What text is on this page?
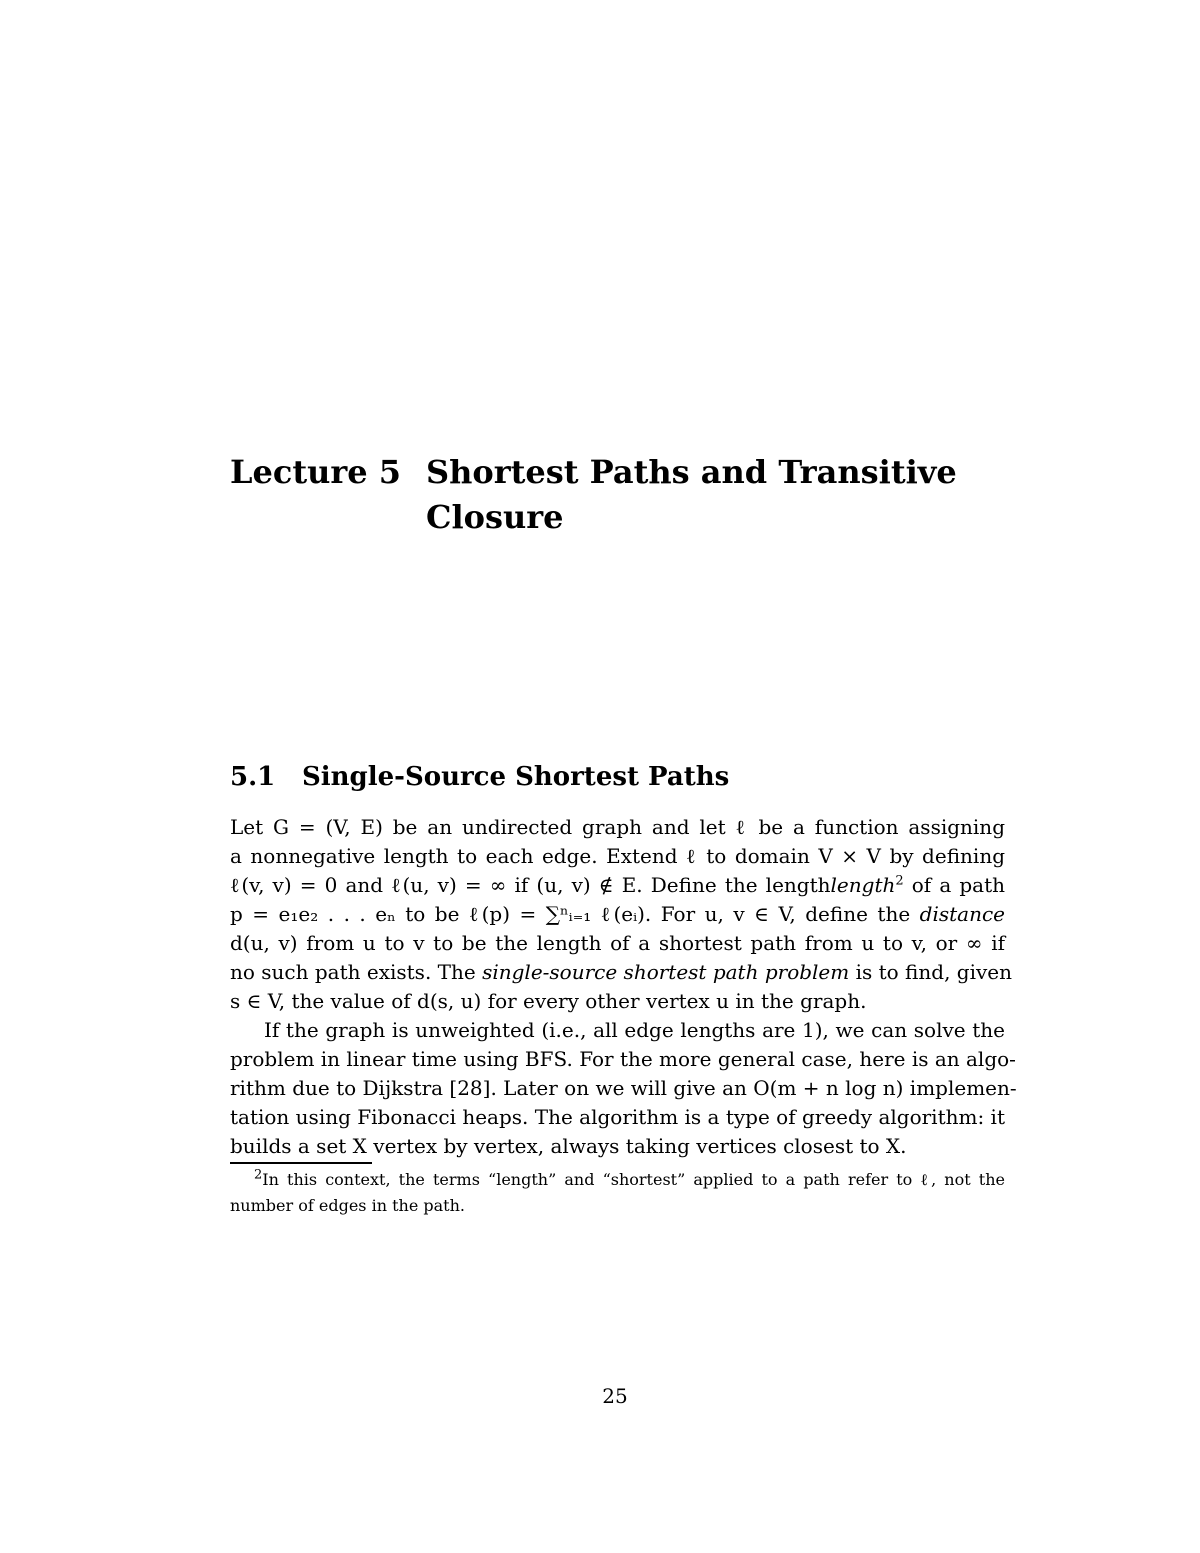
Lecture 5 Shortest Paths and Transitive Closure
5.1 Single-Source Shortest Paths
Let G = (V, E) be an undirected graph and let ℓ be a function assigning
a nonnegative length to each edge. Extend ℓ to domain V × V by defining
ℓ(v, v) = 0 and ℓ(u, v) = ∞ if (u, v) ∉ E. Define the lengthlength$^2$ of a path
p = e₁e₂ . . . eₙ to be ℓ(p) = ∑ⁿᵢ₌₁ ℓ(eᵢ). For u, v ∈ V, define the distance
d(u, v) from u to v to be the length of a shortest path from u to v, or ∞ if
no such path exists. The single-source shortest path problem is to find, given
s ∈ V, the value of d(s, u) for every other vertex u in the graph.
If the graph is unweighted (i.e., all edge lengths are 1), we can solve the
problem in linear time using BFS. For the more general case, here is an algo-
rithm due to Dijkstra [28]. Later on we will give an O(m + n log n) implemen-
tation using Fibonacci heaps. The algorithm is a type of greedy algorithm: it
builds a set X vertex by vertex, always taking vertices closest to X.
$^2$In this context, the terms “length” and “shortest” applied to a path refer to ℓ, not the
number of edges in the path.
25
